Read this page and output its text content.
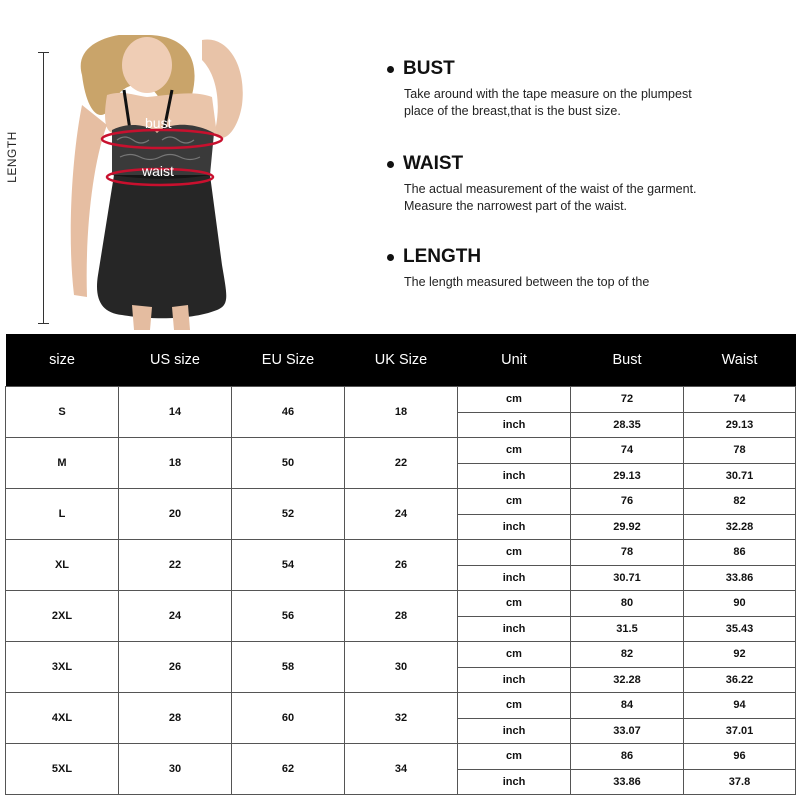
LENGTH
bust
waist
BUST
Take around with the tape measure on the plumpest place of the breast,that is the bust size.
WAIST
The actual measurement of the waist of the garment. Measure the narrowest part of the waist.
LENGTH
The length measured between the top of the
size	US size	EU Size	UK Size	Unit	Bust	Waist
S	14	46	18	cm	72	74
				inch	28.35	29.13
M	18	50	22	cm	74	78
				inch	29.13	30.71
L	20	52	24	cm	76	82
				inch	29.92	32.28
XL	22	54	26	cm	78	86
				inch	30.71	33.86
2XL	24	56	28	cm	80	90
				inch	31.5	35.43
3XL	26	58	30	cm	82	92
				inch	32.28	36.22
4XL	28	60	32	cm	84	94
				inch	33.07	37.01
5XL	30	62	34	cm	86	96
				inch	33.86	37.8
